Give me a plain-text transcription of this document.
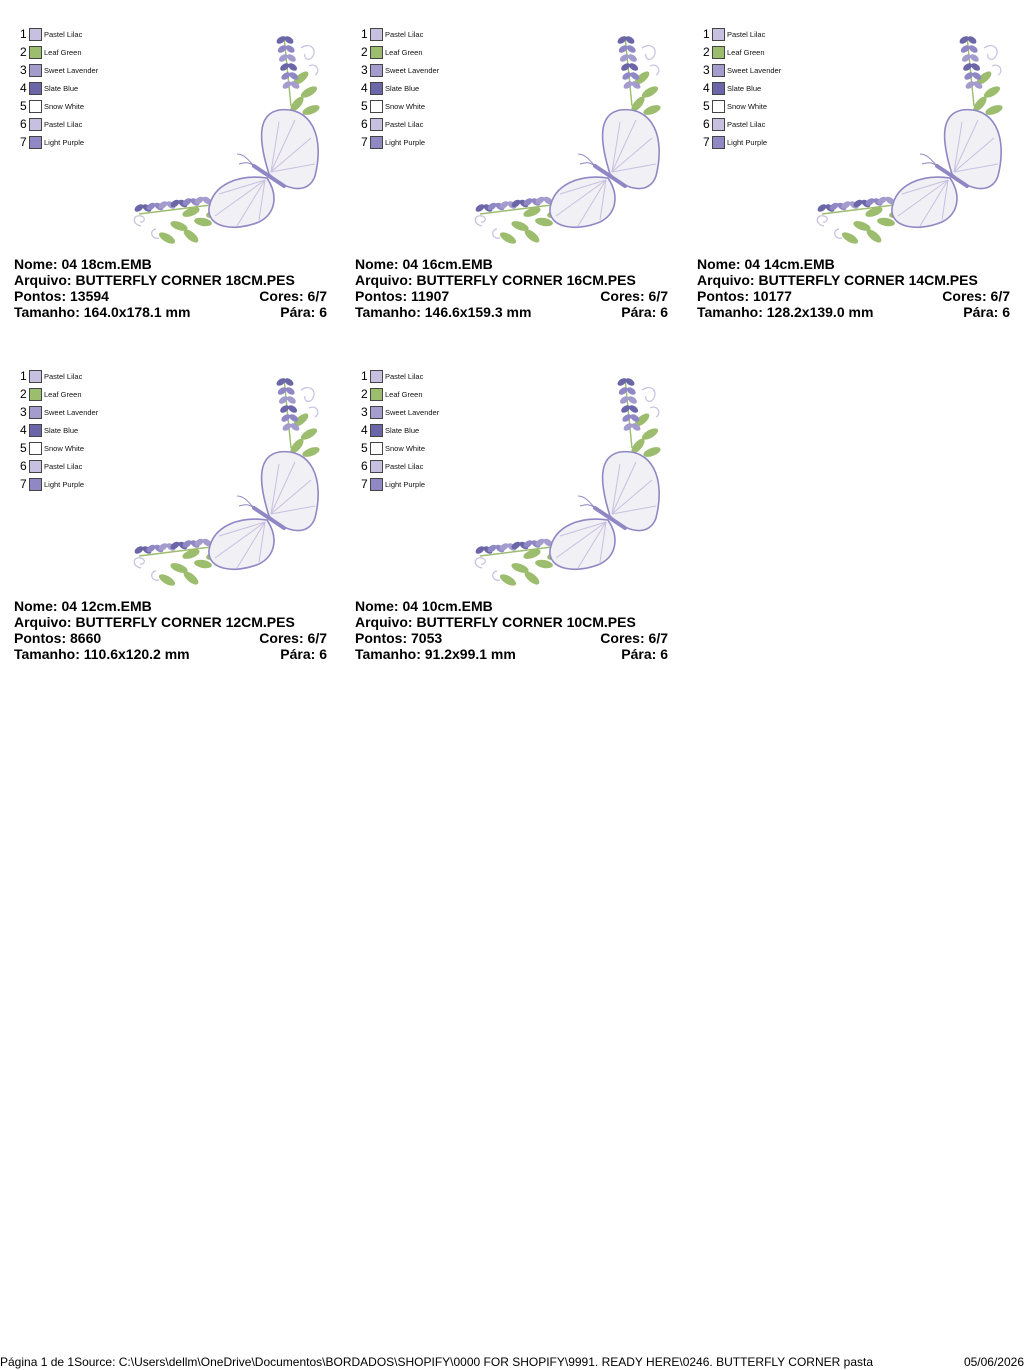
1 Pastel Lilac
2 Leaf Green
3 Sweet Lavender
4 Slate Blue
5 Snow White
6 Pastel Lilac
7 Light Purple
Nome: 04 18cm.EMB
Arquivo: BUTTERFLY CORNER 18CM.PES
Pontos: 13594	Cores: 6/7
Tamanho: 164.0x178.1 mm	Pára: 6
1 Pastel Lilac
2 Leaf Green
3 Sweet Lavender
4 Slate Blue
5 Snow White
6 Pastel Lilac
7 Light Purple
Nome: 04 16cm.EMB
Arquivo: BUTTERFLY CORNER 16CM.PES
Pontos: 11907	Cores: 6/7
Tamanho: 146.6x159.3 mm	Pára: 6
1 Pastel Lilac
2 Leaf Green
3 Sweet Lavender
4 Slate Blue
5 Snow White
6 Pastel Lilac
7 Light Purple
Nome: 04 14cm.EMB
Arquivo: BUTTERFLY CORNER 14CM.PES
Pontos: 10177	Cores: 6/7
Tamanho: 128.2x139.0 mm	Pára: 6
1 Pastel Lilac
2 Leaf Green
3 Sweet Lavender
4 Slate Blue
5 Snow White
6 Pastel Lilac
7 Light Purple
Nome: 04 12cm.EMB
Arquivo: BUTTERFLY CORNER 12CM.PES
Pontos: 8660	Cores: 6/7
Tamanho: 110.6x120.2 mm	Pára: 6
1 Pastel Lilac
2 Leaf Green
3 Sweet Lavender
4 Slate Blue
5 Snow White
6 Pastel Lilac
7 Light Purple
Nome: 04 10cm.EMB
Arquivo: BUTTERFLY CORNER 10CM.PES
Pontos: 7053	Cores: 6/7
Tamanho: 91.2x99.1 mm	Pára: 6
Página 1 de 1Source: C:\Users\dellm\OneDrive\Documentos\BORDADOS\SHOPIFY\0000 FOR SHOPIFY\9991. READY HERE\0246. BUTTERFLY CORNER pasta	05/06/2026
